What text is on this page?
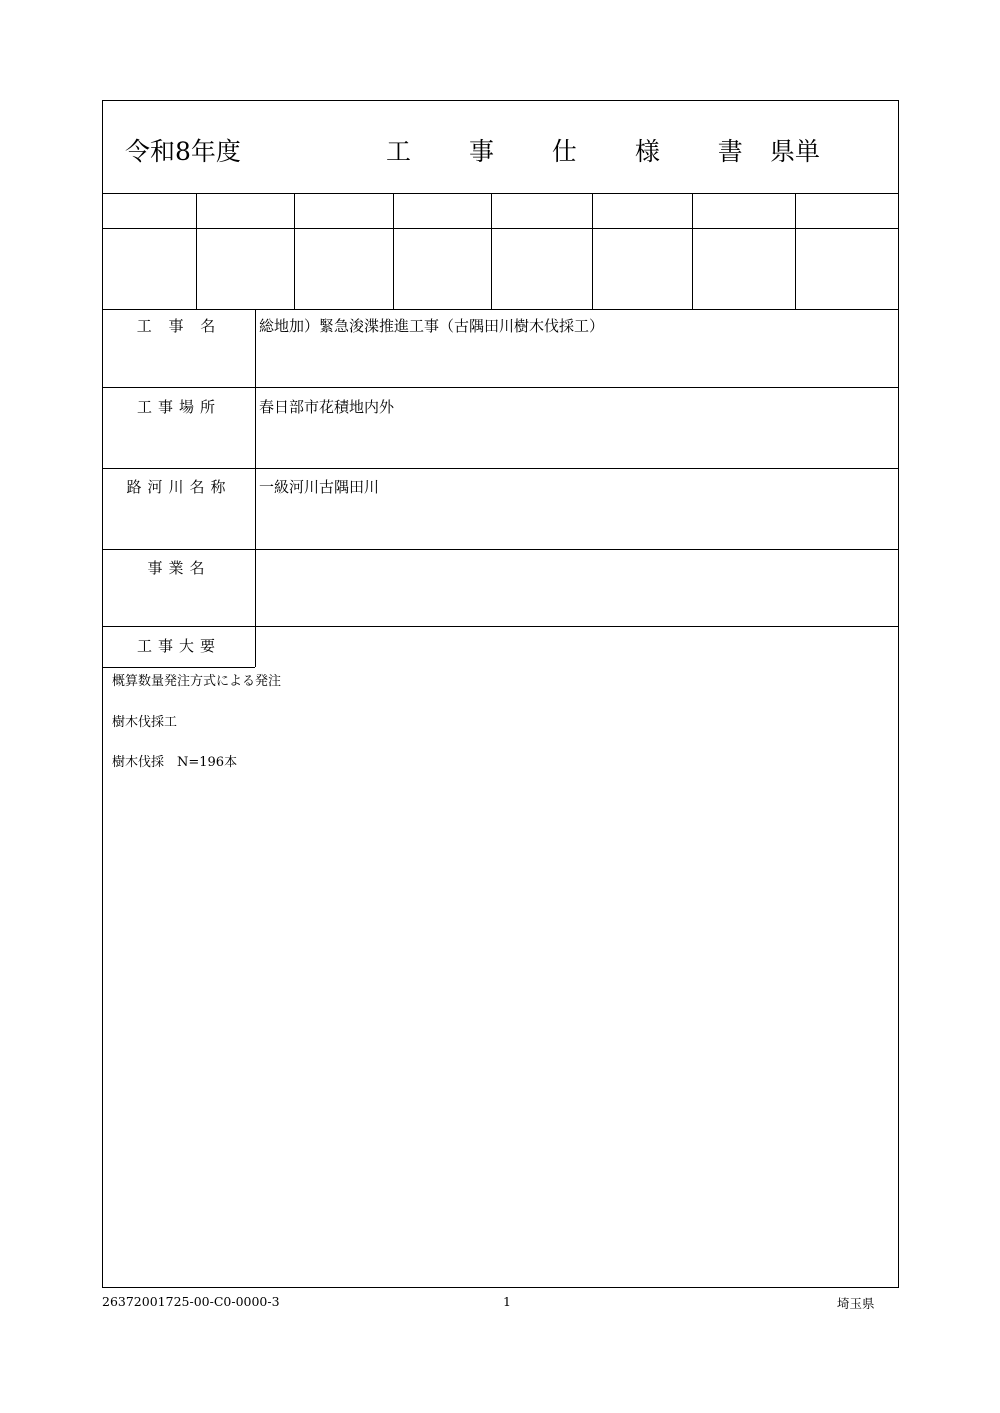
令和8年度	工 事 仕 様 書 県単
工 事 名	総地加）緊急浚渫推進工事（古隅田川樹木伐採工）
工事場所	春日部市花積地内外
路河川名称	一級河川古隅田川
事業名
工事大要
概算数量発注方式による発注
樹木伐採工
樹木伐採　N=196本
26372001725-00-C0-0000-3	1	埼玉県
